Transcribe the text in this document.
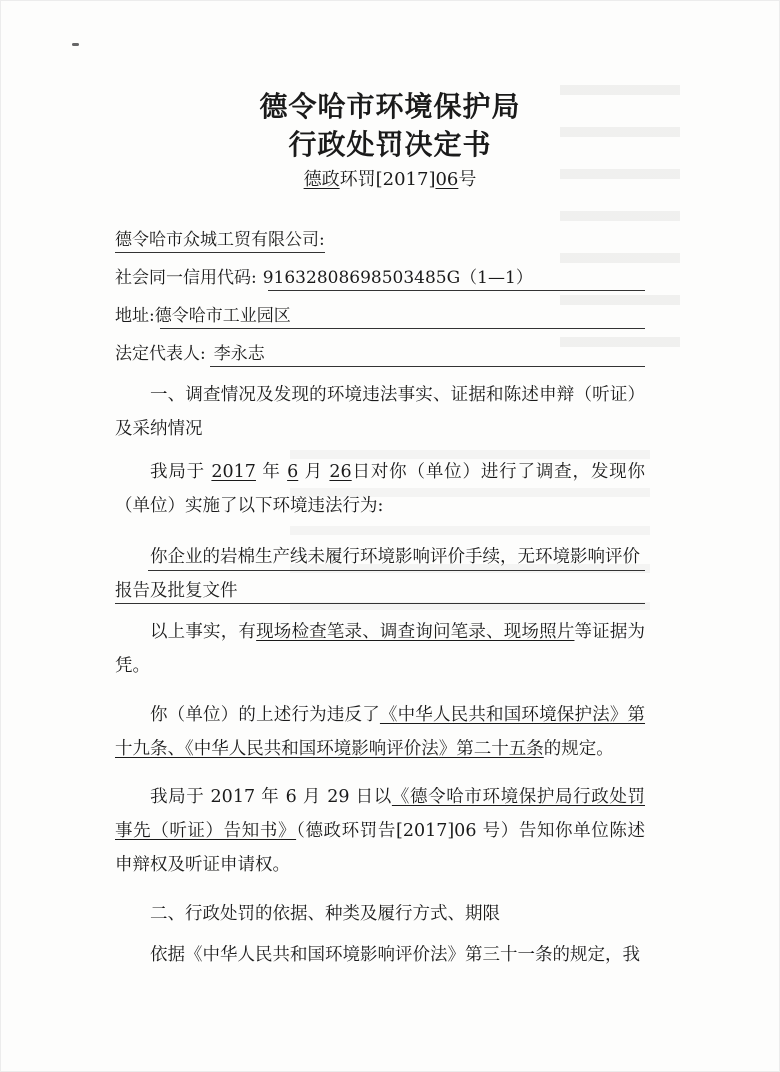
德令哈市环境保护局
行政处罚决定书
德政环罚[2017]06号
德令哈市众城工贸有限公司:
社会同一信用代码: 91632808698503485G（1—1）
地址:德令哈市工业园区
法定代表人: 李永志
一、调查情况及发现的环境违法事实、证据和陈述申辩（听证）及采纳情况
我局于 2017 年 6 月 26日对你（单位）进行了调查，发现你（单位）实施了以下环境违法行为:
你企业的岩棉生产线未履行环境影响评价手续，无环境影响评价
报告及批复文件
以上事实，有现场检查笔录、调查询问笔录、现场照片等证据为凭。
你（单位）的上述行为违反了《中华人民共和国环境保护法》第十九条、《中华人民共和国环境影响评价法》第二十五条的规定。
我局于 2017 年 6 月 29 日以《德令哈市环境保护局行政处罚事先（听证）告知书》（德政环罚告[2017]06 号）告知你单位陈述申辩权及听证申请权。
二、行政处罚的依据、种类及履行方式、期限
依据《中华人民共和国环境影响评价法》第三十一条的规定，我
